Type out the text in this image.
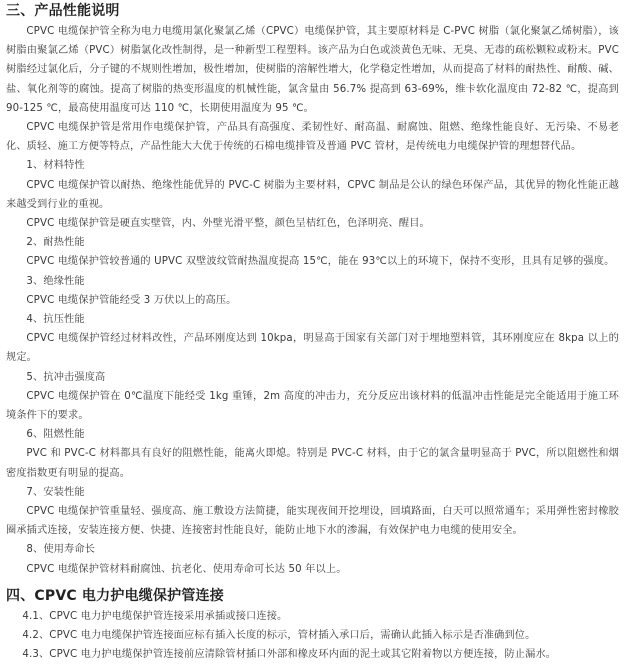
三、产品性能说明

CPVC 电缆保护管全称为电力电缆用氯化聚氯乙烯（CPVC）电缆保护管，其主要原材料是 C-PVC 树脂（氯化聚氯乙烯树脂），该树脂由聚氯乙烯（PVC）树脂氯化改性制得，是一种新型工程塑料。该产品为白色或淡黄色无味、无臭、无毒的疏松颗粒或粉末。PVC 树脂经过氯化后，分子键的不规则性增加，极性增加，使树脂的溶解性增大，化学稳定性增加，从而提高了材料的耐热性、耐酸、碱、盐、氧化剂等的腐蚀。提高了树脂的热变形温度的机械性能，氯含量由 56.7% 提高到 63-69%，维卡软化温度由 72-82 ℃，提高到 90-125 ℃，最高使用温度可达 110 ℃，长期使用温度为 95 ℃。

CPVC 电缆保护管是常用作电缆保护管，产品具有高强度、柔韧性好、耐高温、耐腐蚀、阻燃、绝缘性能良好、无污染、不易老化、质轻、施工方便等特点，产品性能大大优于传统的石棉电缆排管及普通 PVC 管材，是传统电力电缆保护管的理想替代品。

1、材料特性

CPVC 电缆保护管以耐热、绝缘性能优异的 PVC-C 树脂为主要材料，CPVC 制品是公认的绿色环保产品，其优异的物化性能正越来越受到行业的重视。

CPVC 电缆保护管是硬直实壁管，内、外壁光滑平整，颜色呈桔红色，色泽明亮、醒目。

2、耐热性能

CPVC 电缆保护管较普通的 UPVC 双壁波纹管耐热温度提高 15℃，能在 93℃以上的环境下，保持不变形，且具有足够的强度。

3、绝缘性能

CPVC 电缆保护管能经受 3 万伏以上的高压。

4、抗压性能

CPVC 电缆保护管经过材料改性，产品环刚度达到 10kpa，明显高于国家有关部门对于埋地塑料管，其环刚度应在 8kpa 以上的规定。

5、抗冲击强度高

CPVC 电缆保护管在 0℃温度下能经受 1kg 重锤，2m 高度的冲击力，充分反应出该材料的低温冲击性能是完全能适用于施工环境条件下的要求。

6、阻燃性能

PVC 和 PVC-C 材料都具有良好的阻燃性能，能离火即熄。特别是 PVC-C 材料，由于它的氯含量明显高于 PVC，所以阻燃性和烟密度指数更有明显的提高。

7、安装性能

CPVC 电缆保护管重量轻、强度高、施工敷设方法简捷，能实现夜间开挖埋设，回填路面，白天可以照常通车；采用弹性密封橡胶圈承插式连接，安装连接方便、快捷、连接密封性能良好，能防止地下水的渗漏，有效保护电力电缆的使用安全。

8、使用寿命长

CPVC 电缆保护管材料耐腐蚀、抗老化、使用寿命可长达 50 年以上。

四、CPVC 电力护电缆保护管连接

4.1、CPVC 电力护电缆保护管连接采用承插或接口连接。

4.2、CPVC 电力电缆保护管连接面应标有插入长度的标示，管材插入承口后，需确认此插入标示是否准确到位。

4.3、CPVC 电力护电缆保护管连接前应清除管材插口外部和橡皮环内面的泥土或其它附着物以方便连接，防止漏水。
